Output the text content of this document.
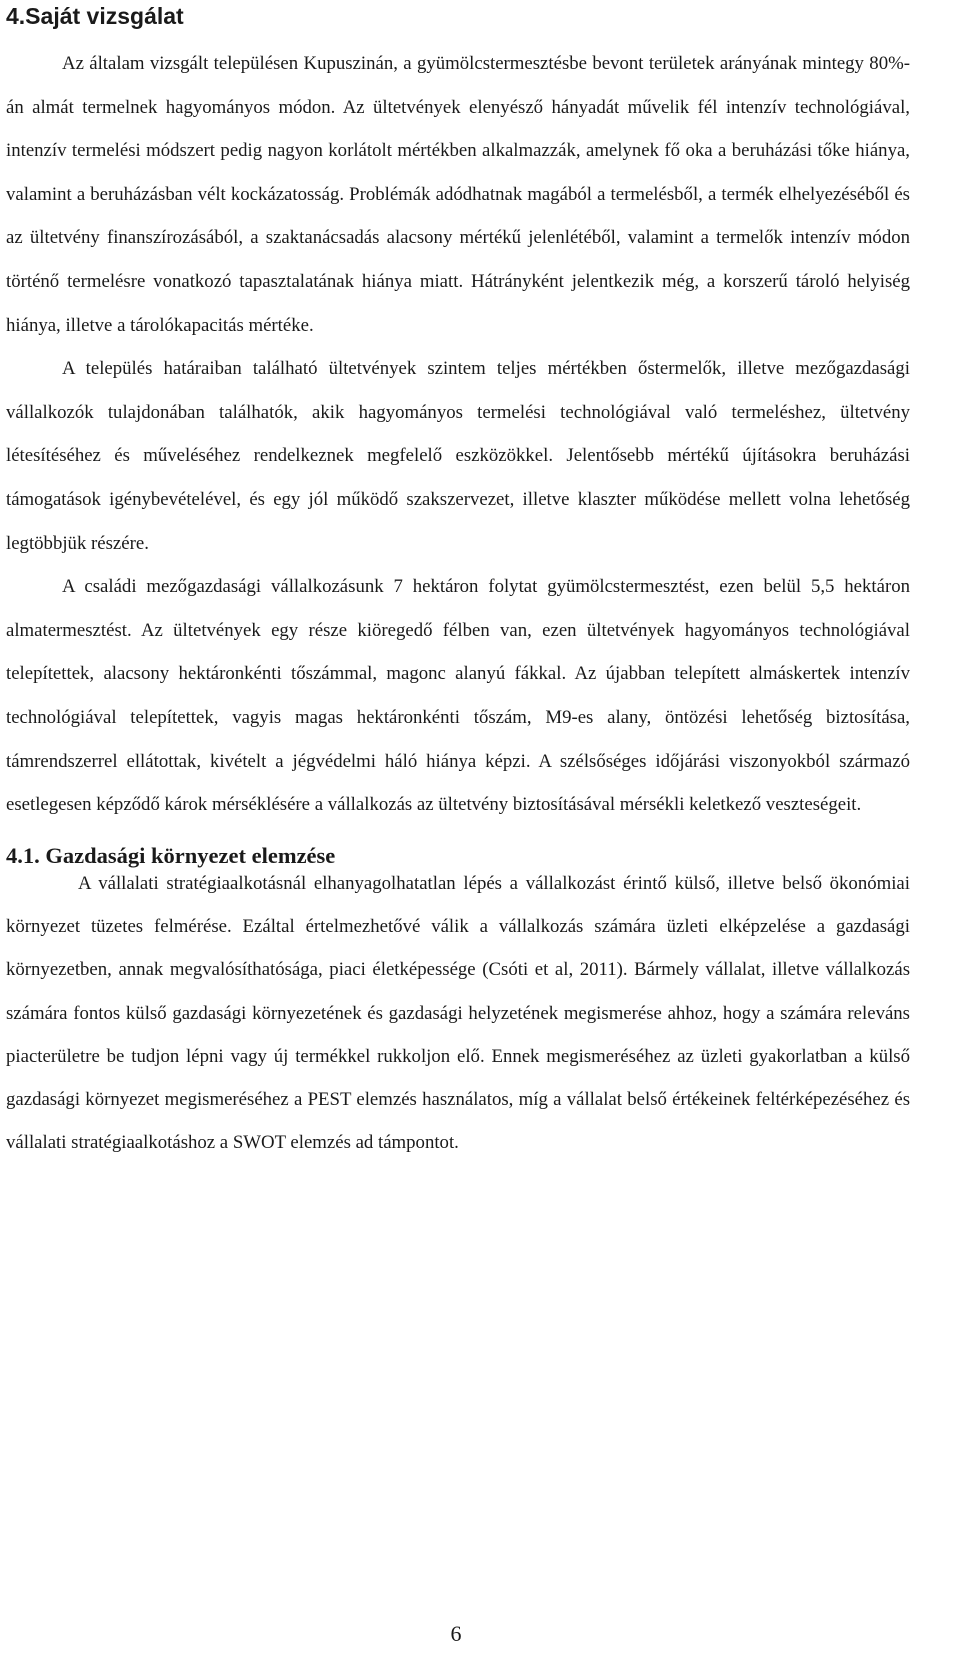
4.Saját vizsgálat

Az általam vizsgált településen Kupuszinán, a gyümölcstermesztésbe bevont területek arányának mintegy 80%-án almát termelnek hagyományos módon. Az ültetvények elenyésző hányadát művelik fél intenzív technológiával, intenzív termelési módszert pedig nagyon korlátolt mértékben alkalmazzák, amelynek fő oka a beruházási tőke hiánya, valamint a beruházásban vélt kockázatosság. Problémák adódhatnak magából a termelésből, a termék elhelyezéséből és az ültetvény finanszírozásából, a szaktanácsadás alacsony mértékű jelenlétéből, valamint a termelők intenzív módon történő termelésre vonatkozó tapasztalatának hiánya miatt. Hátrányként jelentkezik még, a korszerű tároló helyiség hiánya, illetve a tárolókapacitás mértéke.

A település határaiban található ültetvények szintem teljes mértékben őstermelők, illetve mezőgazdasági vállalkozók tulajdonában találhatók, akik hagyományos termelési technológiával való termeléshez, ültetvény létesítéséhez és műveléséhez rendelkeznek megfelelő eszközökkel. Jelentősebb mértékű újításokra beruházási támogatások igénybevételével, és egy jól működő szakszervezet, illetve klaszter működése mellett volna lehetőség legtöbbjük részére.

A családi mezőgazdasági vállalkozásunk 7 hektáron folytat gyümölcstermesztést, ezen belül 5,5 hektáron almatermesztést. Az ültetvények egy része kiöregedő félben van, ezen ültetvények hagyományos technológiával telepítettek, alacsony hektáronkénti tőszámmal, magonc alanyú fákkal. Az újabban telepített almáskertek intenzív technológiával telepítettek, vagyis magas hektáronkénti tőszám, M9-es alany, öntözési lehetőség biztosítása, támrendszerrel ellátottak, kivételt a jégvédelmi háló hiánya képzi. A szélsőséges időjárási viszonyokból származó esetlegesen képződő károk mérséklésére a vállalkozás az ültetvény biztosításával mérsékli keletkező veszteségeit.

4.1. Gazdasági környezet elemzése

A vállalati stratégiaalkotásnál elhanyagolhatatlan lépés a vállalkozást érintő külső, illetve belső ökonómiai környezet tüzetes felmérése. Ezáltal értelmezhetővé válik a vállalkozás számára üzleti elképzelése a gazdasági környezetben, annak megvalósíthatósága, piaci életképessége (Csóti et al, 2011). Bármely vállalat, illetve vállalkozás számára fontos külső gazdasági környezetének és gazdasági helyzetének megismerése ahhoz, hogy a számára releváns piacterületre be tudjon lépni vagy új termékkel rukkoljon elő. Ennek megismeréséhez az üzleti gyakorlatban a külső gazdasági környezet megismeréséhez a PEST elemzés használatos, míg a vállalat belső értékeinek feltérképezéséhez és vállalati stratégiaalkotáshoz a SWOT elemzés ad támpontot.

6
